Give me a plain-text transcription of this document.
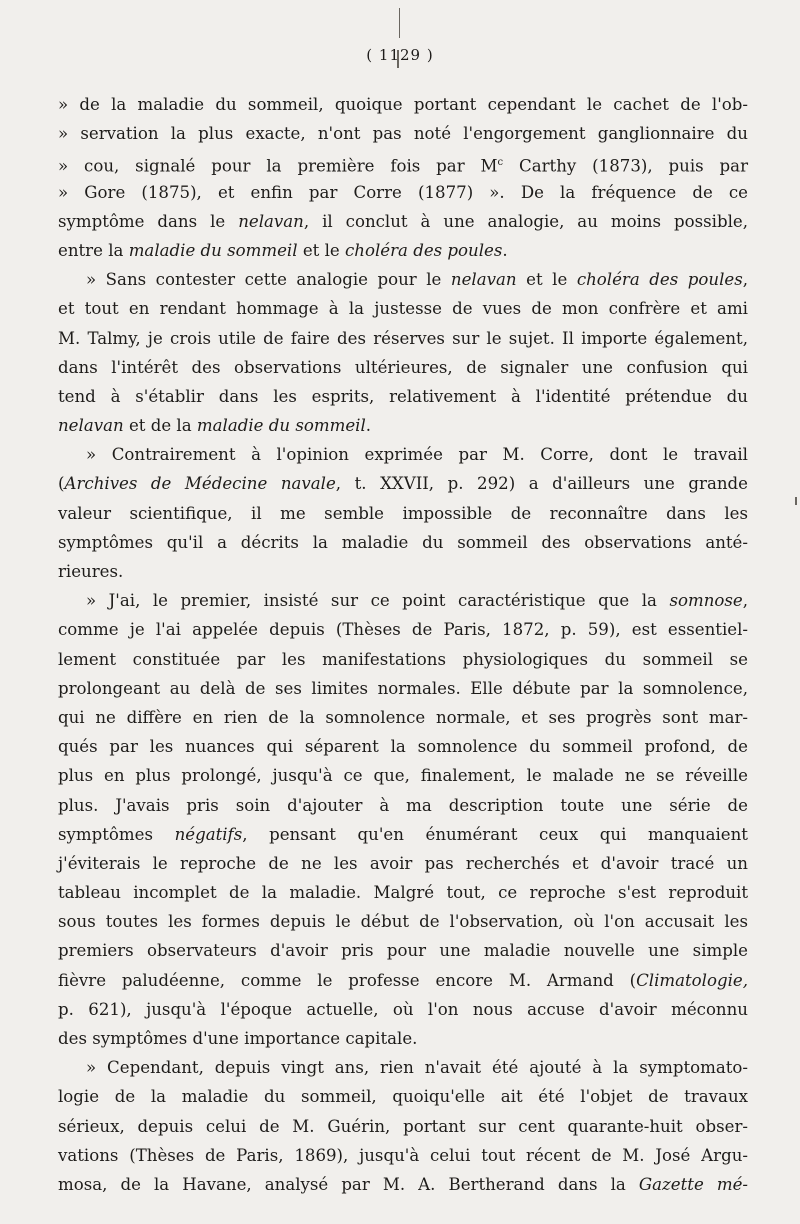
( 1129 )
» de la maladie du sommeil, quoique portant cependant le cachet de l'ob-
» servation la plus exacte, n'ont pas noté l'engorgement ganglionnaire du
» cou, signalé pour la première fois par $M^c$ Carthy (1873), puis par
» Gore (1875), et enfin par Corre (1877) ». De la fréquence de ce
symptôme dans le nelavan, il conclut à une analogie, au moins possible,
entre la maladie du sommeil et le choléra des poules.
» Sans contester cette analogie pour le nelavan et le choléra des poules,
et tout en rendant hommage à la justesse de vues de mon confrère et ami
M. Talmy, je crois utile de faire des réserves sur le sujet. Il importe également,
dans l'intérêt des observations ultérieures, de signaler une confusion qui
tend à s'établir dans les esprits, relativement à l'identité prétendue du
nelavan et de la maladie du sommeil.
» Contrairement à l'opinion exprimée par M. Corre, dont le travail
(Archives de Médecine navale, t. XXVII, p. 292) a d'ailleurs une grande
valeur scientifique, il me semble impossible de reconnaître dans les
symptômes qu'il a décrits la maladie du sommeil des observations anté-
rieures.
» J'ai, le premier, insisté sur ce point caractéristique que la somnose,
comme je l'ai appelée depuis (Thèses de Paris, 1872, p. 59), est essentiel-
lement constituée par les manifestations physiologiques du sommeil se
prolongeant au delà de ses limites normales. Elle débute par la somnolence,
qui ne diffère en rien de la somnolence normale, et ses progrès sont mar-
qués par les nuances qui séparent la somnolence du sommeil profond, de
plus en plus prolongé, jusqu'à ce que, finalement, le malade ne se réveille
plus. J'avais pris soin d'ajouter à ma description toute une série de
symptômes négatifs, pensant qu'en énumérant ceux qui manquaient
j'éviterais le reproche de ne les avoir pas recherchés et d'avoir tracé un
tableau incomplet de la maladie. Malgré tout, ce reproche s'est reproduit
sous toutes les formes depuis le début de l'observation, où l'on accusait les
premiers observateurs d'avoir pris pour une maladie nouvelle une simple
fièvre paludéenne, comme le professe encore M. Armand (Climatologie,
p. 621), jusqu'à l'époque actuelle, où l'on nous accuse d'avoir méconnu
des symptômes d'une importance capitale.
» Cependant, depuis vingt ans, rien n'avait été ajouté à la symptomato-
logie de la maladie du sommeil, quoiqu'elle ait été l'objet de travaux
sérieux, depuis celui de M. Guérin, portant sur cent quarante-huit obser-
vations (Thèses de Paris, 1869), jusqu'à celui tout récent de M. José Argu-
mosa, de la Havane, analysé par M. A. Bertherand dans la Gazette mé-
